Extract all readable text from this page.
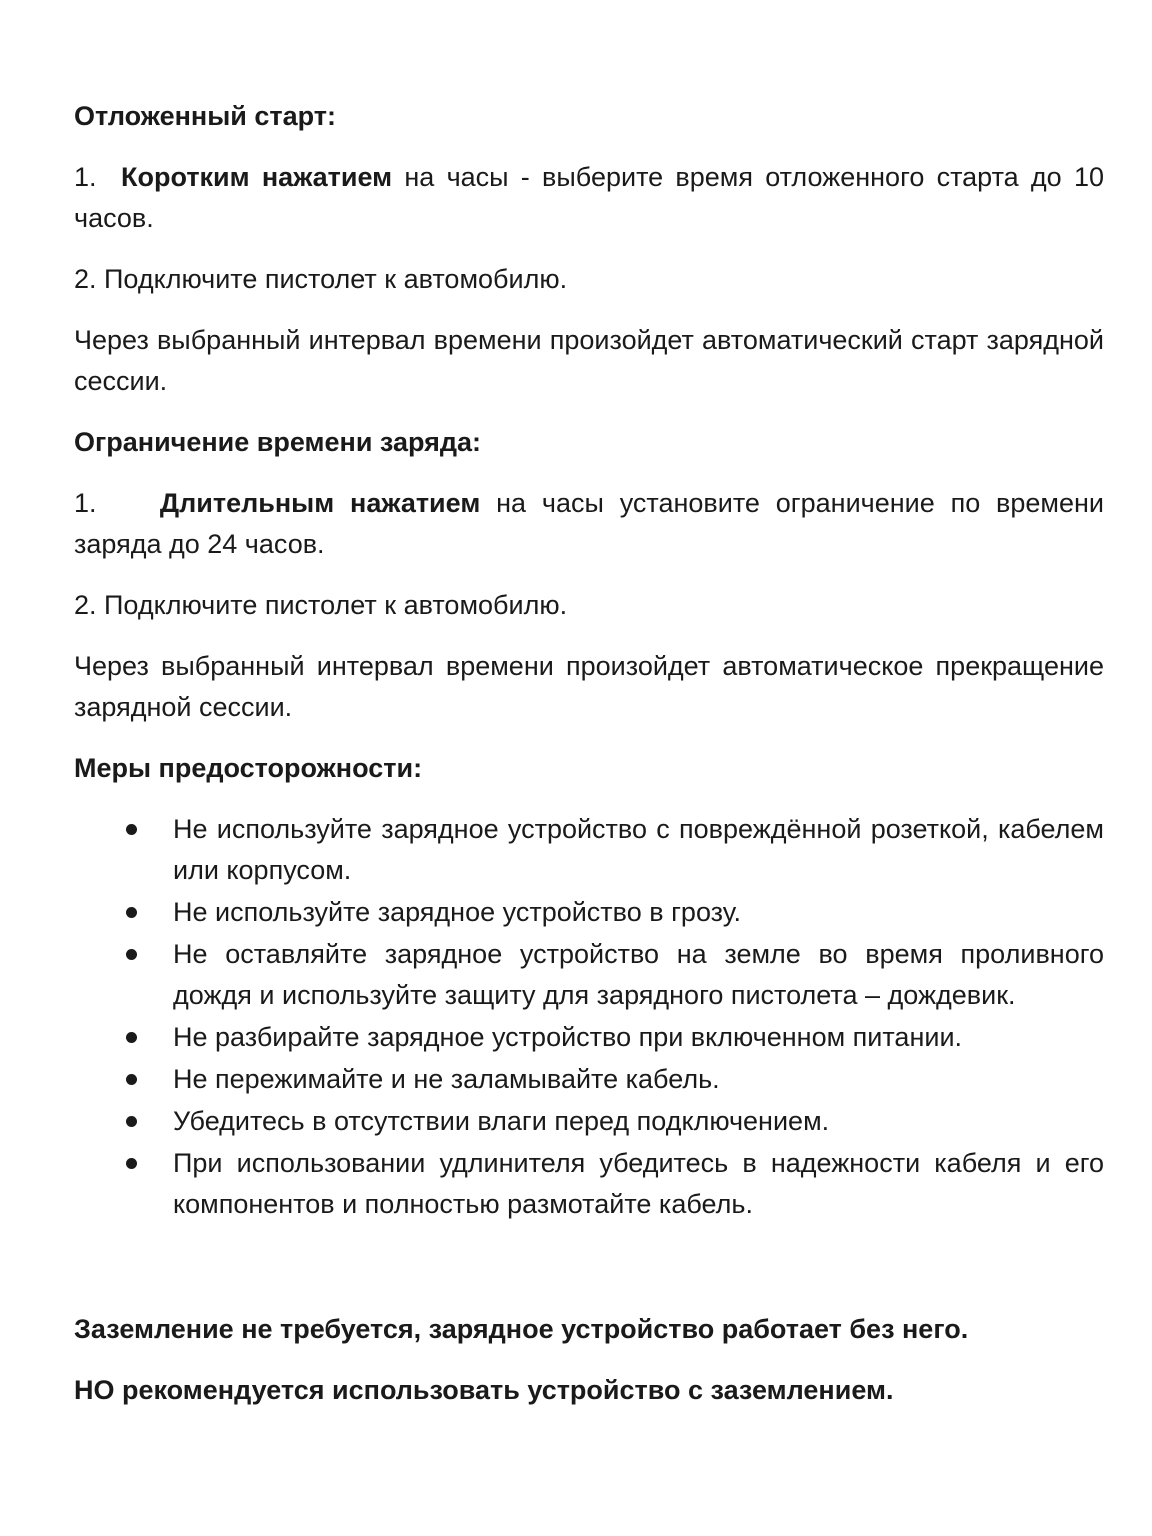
Отложенный старт:

1. Коротким нажатием на часы - выберите время отложенного старта до 10 часов.

2. Подключите пистолет к автомобилю.

Через выбранный интервал времени произойдет автоматический старт зарядной сессии.

Ограничение времени заряда:

1. Длительным нажатием на часы установите ограничение по времени заряда до 24 часов.

2. Подключите пистолет к автомобилю.

Через выбранный интервал времени произойдет автоматическое прекращение зарядной сессии.

Меры предосторожности:
Не используйте зарядное устройство с повреждённой розеткой, кабелем или корпусом.
Не используйте зарядное устройство в грозу.
Не оставляйте зарядное устройство на земле во время проливного дождя и используйте защиту для зарядного пистолета – дождевик.
Не разбирайте зарядное устройство при включенном питании.
Не пережимайте и не заламывайте кабель.
Убедитесь в отсутствии влаги перед подключением.
При использовании удлинителя убедитесь в надежности кабеля и его компонентов и полностью размотайте кабель.
Заземление не требуется, зарядное устройство работает без него.
НО рекомендуется использовать устройство с заземлением.
